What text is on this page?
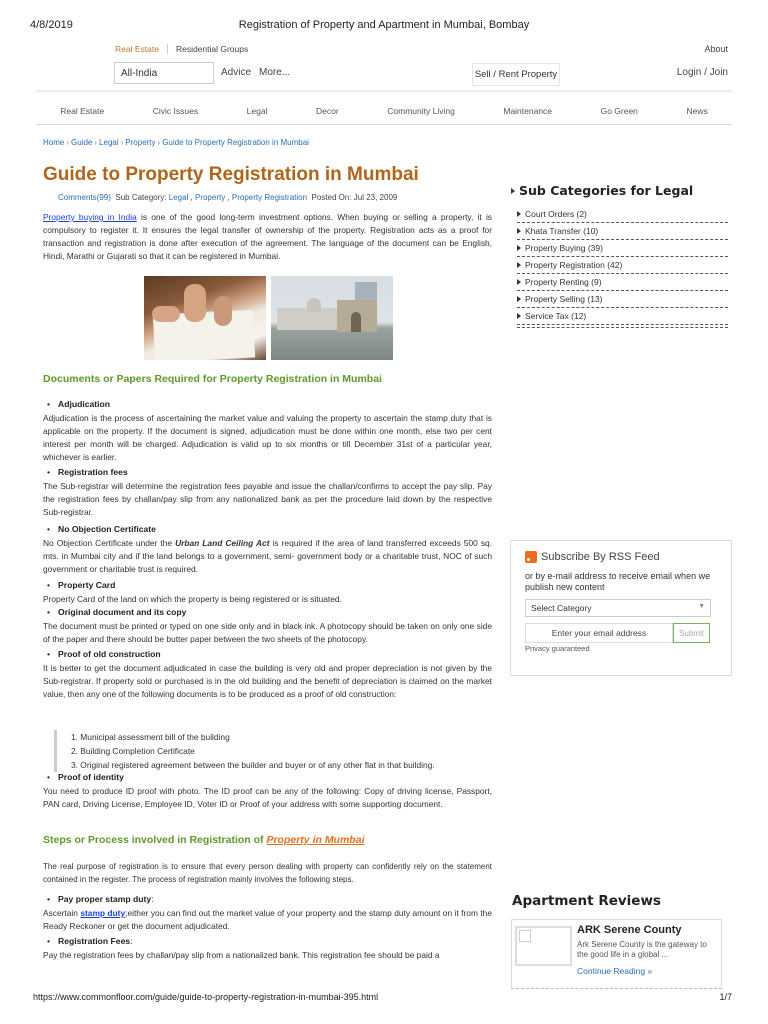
4/8/2019	Registration of Property and Apartment in Mumbai, Bombay
Real Estate Residential Groups	About
All-India	Advice More...	Sell / Rent Property	Login / Join
Real Estate	Civic Issues	Legal	Decor	Community Living	Maintenance	Go Green	News
Home › Guide › Legal › Property › Guide to Property Registration in Mumbai
Guide to Property Registration in Mumbai
Comments(99) Sub Category: Legal , Property , Property Registration Posted On: Jul 23, 2009

Property buying in India is one of the good long-term investment options. When buying or selling a property, it is compulsory to register it. It ensures the legal transfer of ownership of the property. Registration acts as a proof for transaction and registration is done after execution of the agreement. The language of the document can be English, Hindi, Marathi or Gujarati so that it can be registered in Mumbai.

Documents or Papers Required for Property Registration in Mumbai
• Adjudication

Adjudication is the process of ascertaining the market value and valuing the property to ascertain the stamp duty that is applicable on the property. If the document is signed, adjudication must be done within one month, else two per cent interest per month will be charged. Adjudication is valid up to six months or till December 31st of a particular year, whichever is earlier.

• Registration fees

The Sub-registrar will determine the registration fees payable and issue the challan/confirms to accept the pay slip. Pay the registration fees by challan/pay slip from any nationalized bank as per the procedure laid down by the respective Sub-registrar.

• No Objection Certificate

No Objection Certificate under the Urban Land Ceiling Act is required if the area of land transferred exceeds 500 sq. mts. in Mumbai city and if the land belongs to a government, semi- government body or a charitable trust, NOC of such government or charitable trust is required.

• Property Card

Property Card of the land on which the property is being registered or is situated.

• Original document and its copy

The document must be printed or typed on one side only and in black ink. A photocopy should be taken on only one side of the paper and there should be butter paper between the two sheets of the photocopy.

• Proof of old construction

It is better to get the document adjudicated in case the building is very old and proper depreciation is not given by the Sub-registrar. If property sold or purchased is in the old building and the benefit of depreciation is claimed on the market value, then any one of the following documents is to be produced as a proof of old construction:

1. Municipal assessment bill of the building
2. Building Completion Certificate
3. Original registered agreement between the builder and buyer or of any other flat in that building.
• Proof of identity

You need to produce ID proof with photo. The ID proof can be any of the following: Copy of driving license, Passport, PAN card, Driving License, Employee ID, Voter ID or Proof of your address with some supporting document.

Steps or Process involved in Registration of Property in Mumbai

The real purpose of registration is to ensure that every person dealing with property can confidently rely on the statement contained in the register. The process of registration mainly involves the following steps.

• Pay proper stamp duty:

Ascertain stamp duty;either you can find out the market value of your property and the stamp duty amount on it from the Ready Reckoner or get the document adjudicated.

• Registration Fees:

Pay the registration fees by challan/pay slip from a nationalized bank. This registration fee should be paid a

Sub Categories for Legal
Court Orders (2)
Khata Transfer (10)
Property Buying (39)
Property Registration (42)
Property Renting (9)
Property Selling (13)
Service Tax (12)
Subscribe By RSS Feed
or by e-mail address to receive email when we publish new content
Select Category	▼
Enter your email address	Submit
Privacy guaranteed
Apartment Reviews
ARK Serene County
Ark Serene County is the gateway to the good life in a global ...
Continue Reading »
https://www.commonfloor.com/guide/guide-to-property-registration-in-mumbai-395.html	1/7
